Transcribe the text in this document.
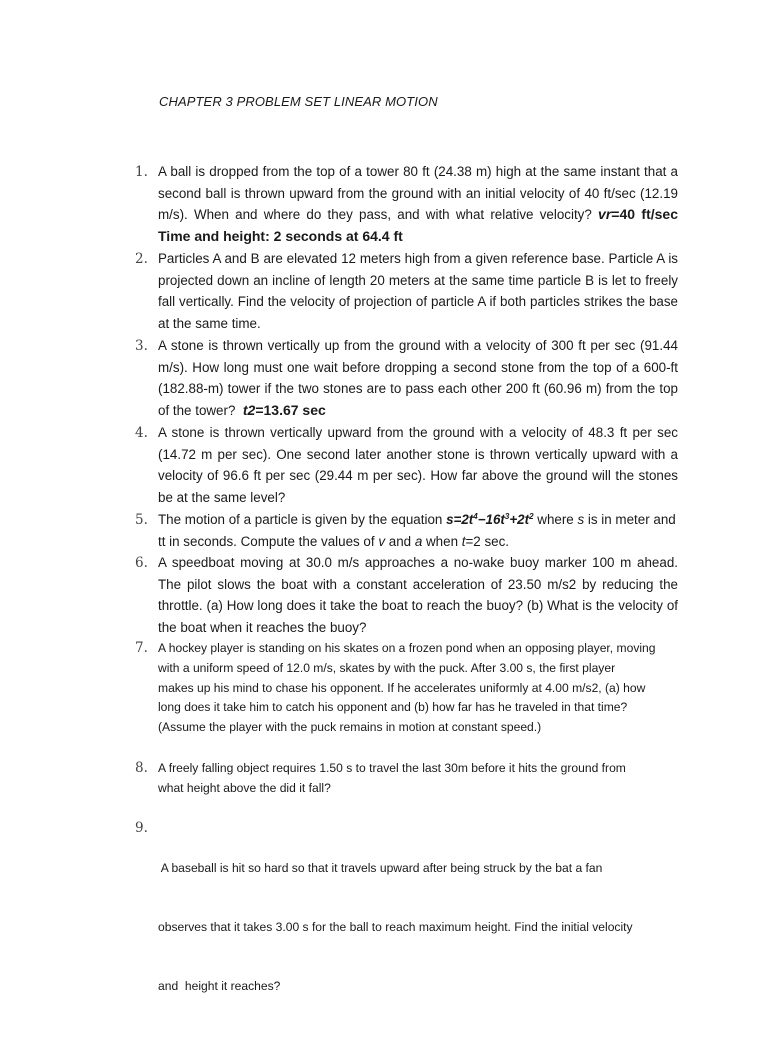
CHAPTER 3 PROBLEM SET LINEAR MOTION
1. A ball is dropped from the top of a tower 80 ft (24.38 m) high at the same instant that a second ball is thrown upward from the ground with an initial velocity of 40 ft/sec (12.19 m/s). When and where do they pass, and with what relative velocity? vr=40 ft/sec Time and height: 2 seconds at 64.4 ft
2. Particles A and B are elevated 12 meters high from a given reference base. Particle A is projected down an incline of length 20 meters at the same time particle B is let to freely fall vertically. Find the velocity of projection of particle A if both particles strikes the base at the same time.
3. A stone is thrown vertically up from the ground with a velocity of 300 ft per sec (91.44 m/s). How long must one wait before dropping a second stone from the top of a 600-ft (182.88-m) tower if the two stones are to pass each other 200 ft (60.96 m) from the top of the tower? t2=13.67 sec
4. A stone is thrown vertically upward from the ground with a velocity of 48.3 ft per sec (14.72 m per sec). One second later another stone is thrown vertically upward with a velocity of 96.6 ft per sec (29.44 m per sec). How far above the ground will the stones be at the same level?
5. The motion of a particle is given by the equation $s=2t^4-16t^3+2t^2$ where s is in meter and tt in seconds. Compute the values of v and a when t=2 sec.
6. A speedboat moving at 30.0 m/s approaches a no-wake buoy marker 100 m ahead. The pilot slows the boat with a constant acceleration of 23.50 m/s2 by reducing the throttle. (a) How long does it take the boat to reach the buoy? (b) What is the velocity of the boat when it reaches the buoy?
7. A hockey player is standing on his skates on a frozen pond when an opposing player, moving
with a uniform speed of 12.0 m/s, skates by with the puck. After 3.00 s, the first player
makes up his mind to chase his opponent. If he accelerates uniformly at 4.00 m/s2, (a) how
long does it take him to catch his opponent and (b) how far has he traveled in that time?
(Assume the player with the puck remains in motion at constant speed.)
8. A freely falling object requires 1.50 s to travel the last 30m before it hits the ground from
what height above the did it fall?
9.

A baseball is hit so hard so that it travels upward after being struck by the bat a fan

observes that it takes 3.00 s for the ball to reach maximum height. Find the initial velocity

and  height it reaches?
